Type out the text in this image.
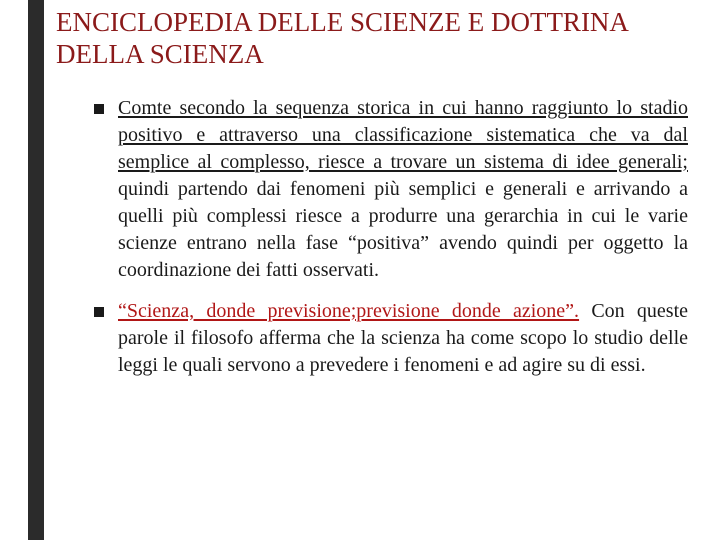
ENCICLOPEDIA DELLE SCIENZE E DOTTRINA DELLA SCIENZA
Comte secondo la sequenza storica in cui hanno raggiunto lo stadio positivo e attraverso una classificazione sistematica che va dal semplice al complesso, riesce a trovare un sistema di idee generali; quindi partendo dai fenomeni più semplici e generali e arrivando a quelli più complessi riesce a produrre una gerarchia in cui le varie scienze entrano nella fase “positiva” avendo quindi per oggetto la coordinazione dei fatti osservati.
“Scienza, donde previsione;previsione donde azione”. Con queste parole il filosofo afferma che la scienza ha come scopo lo studio delle leggi le quali servono a prevedere i fenomeni e ad agire su di essi.
